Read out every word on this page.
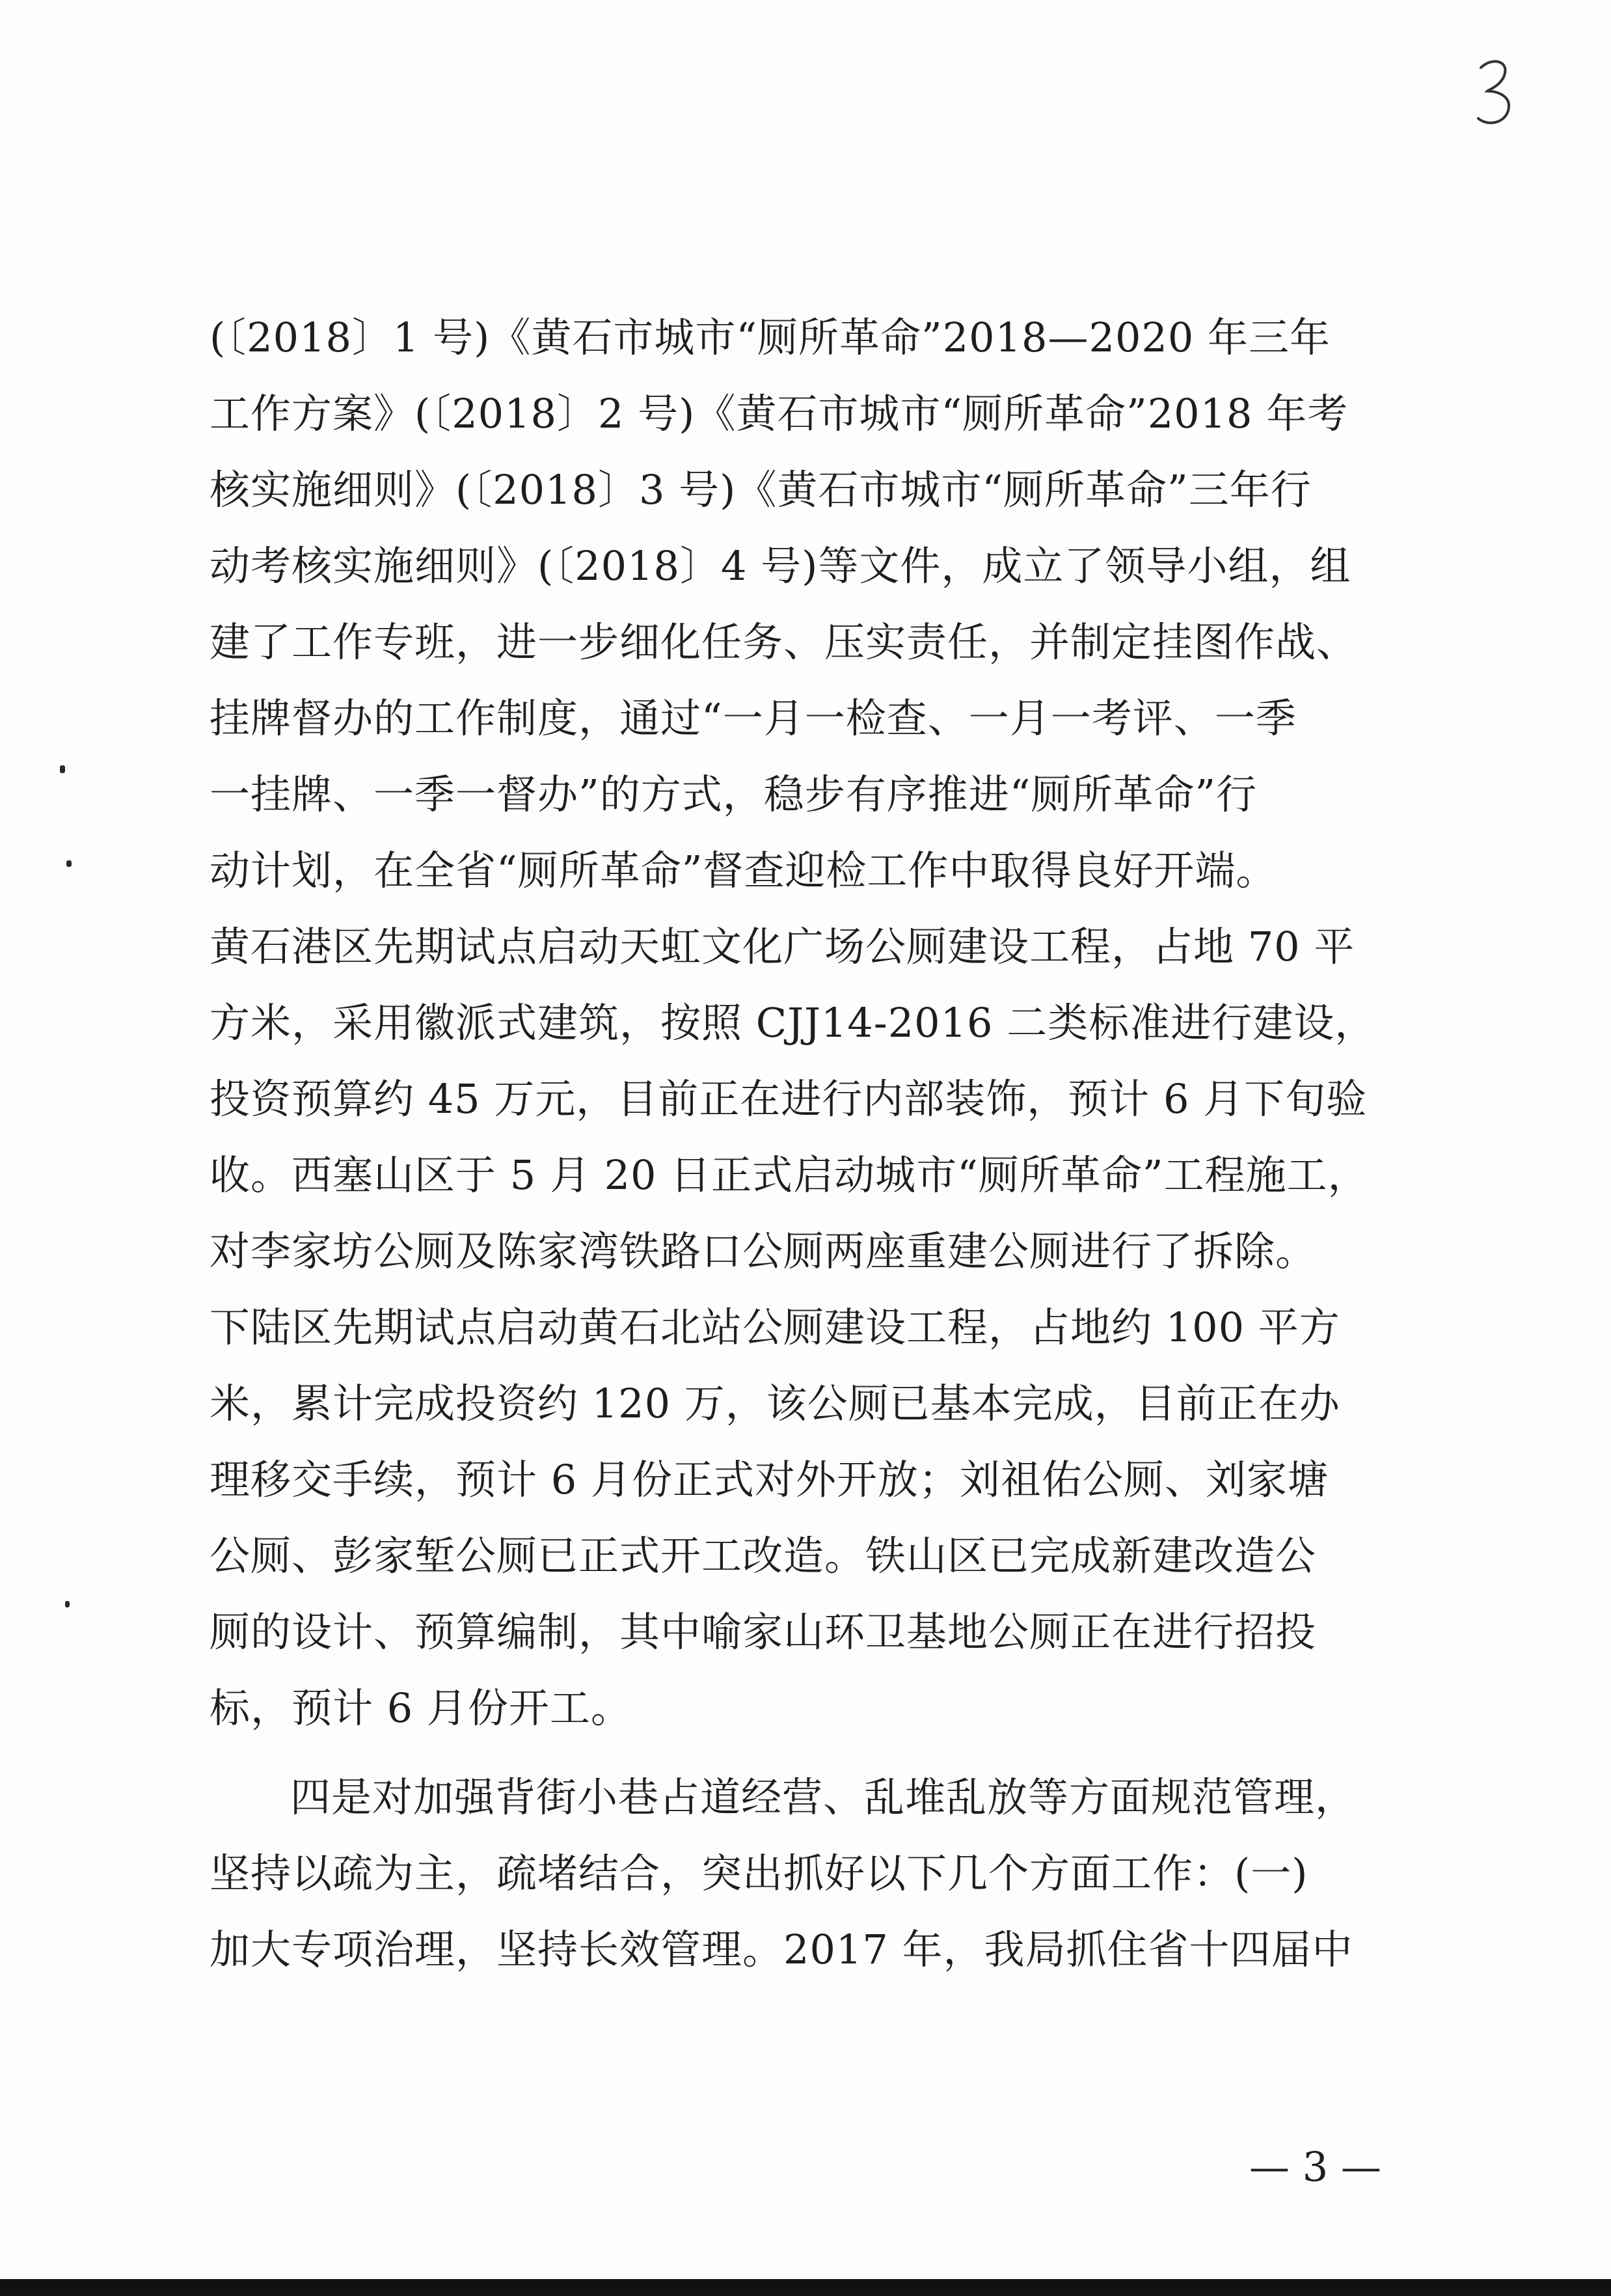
(〔2018〕1 号)《黄石市城市“厕所革命”2018—2020 年三年
工作方案》(〔2018〕2 号)《黄石市城市“厕所革命”2018 年考
核实施细则》(〔2018〕3 号)《黄石市城市“厕所革命”三年行
动考核实施细则》(〔2018〕4 号)等文件，成立了领导小组，组
建了工作专班，进一步细化任务、压实责任，并制定挂图作战、
挂牌督办的工作制度，通过“一月一检查、一月一考评、一季
一挂牌、一季一督办”的方式，稳步有序推进“厕所革命”行
动计划，在全省“厕所革命”督查迎检工作中取得良好开端。
黄石港区先期试点启动天虹文化广场公厕建设工程，占地 70 平
方米，采用徽派式建筑，按照 CJJ14-2016 二类标准进行建设，
投资预算约 45 万元，目前正在进行内部装饰，预计 6 月下旬验
收。西塞山区于 5 月 20 日正式启动城市“厕所革命”工程施工，
对李家坊公厕及陈家湾铁路口公厕两座重建公厕进行了拆除。
下陆区先期试点启动黄石北站公厕建设工程，占地约 100 平方
米，累计完成投资约 120 万，该公厕已基本完成，目前正在办
理移交手续，预计 6 月份正式对外开放；刘祖佑公厕、刘家塘
公厕、彭家堑公厕已正式开工改造。铁山区已完成新建改造公
厕的设计、预算编制，其中喻家山环卫基地公厕正在进行招投
标，预计 6 月份开工。
四是对加强背街小巷占道经营、乱堆乱放等方面规范管理，
坚持以疏为主，疏堵结合，突出抓好以下几个方面工作：(一)
加大专项治理，坚持长效管理。2017 年，我局抓住省十四届中
— 3 —
